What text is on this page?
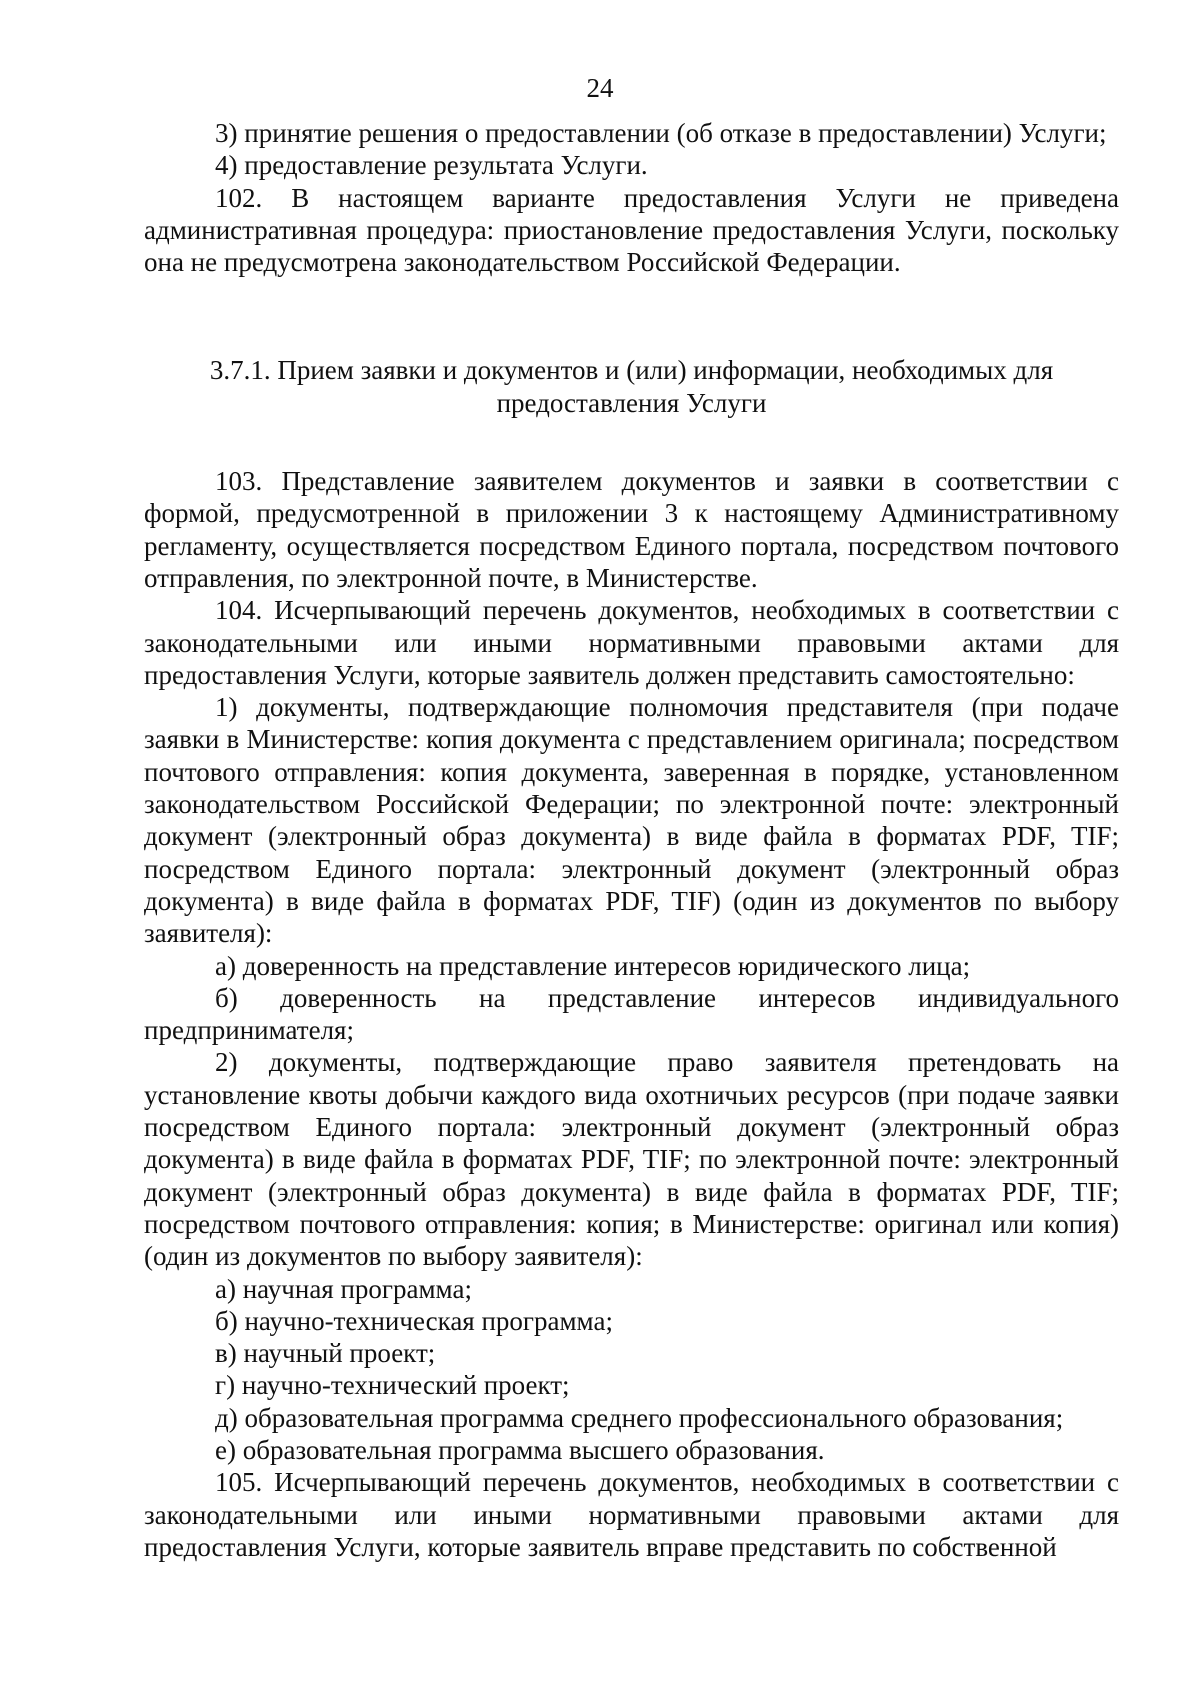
24

3) принятие решения о предоставлении (об отказе в предоставлении) Услуги;

4) предоставление результата Услуги.

102. В настоящем варианте предоставления Услуги не приведена административная процедура: приостановление предоставления Услуги, поскольку она не предусмотрена законодательством Российской Федерации.

3.7.1. Прием заявки и документов и (или) информации, необходимых для предоставления Услуги

103. Представление заявителем документов и заявки в соответствии с формой, предусмотренной в приложении 3 к настоящему Административному регламенту, осуществляется посредством Единого портала, посредством почтового отправления, по электронной почте, в Министерстве.

104. Исчерпывающий перечень документов, необходимых в соответствии с законодательными или иными нормативными правовыми актами для предоставления Услуги, которые заявитель должен представить самостоятельно:

1) документы, подтверждающие полномочия представителя (при подаче заявки в Министерстве: копия документа с представлением оригинала; посредством почтового отправления: копия документа, заверенная в порядке, установленном законодательством Российской Федерации; по электронной почте: электронный документ (электронный образ документа) в виде файла в форматах PDF, TIF; посредством Единого портала: электронный документ (электронный образ документа) в виде файла в форматах PDF, TIF) (один из документов по выбору заявителя):

а) доверенность на представление интересов юридического лица;

б) доверенность на представление интересов индивидуального предпринимателя;

2) документы, подтверждающие право заявителя претендовать на установление квоты добычи каждого вида охотничьих ресурсов (при подаче заявки посредством Единого портала: электронный документ (электронный образ документа) в виде файла в форматах PDF, TIF; по электронной почте: электронный документ (электронный образ документа) в виде файла в форматах PDF, TIF; посредством почтового отправления: копия; в Министерстве: оригинал или копия) (один из документов по выбору заявителя):

а) научная программа;

б) научно-техническая программа;

в) научный проект;

г) научно-технический проект;

д) образовательная программа среднего профессионального образования;

е) образовательная программа высшего образования.

105. Исчерпывающий перечень документов, необходимых в соответствии с законодательными или иными нормативными правовыми актами для предоставления Услуги, которые заявитель вправе представить по собственной
